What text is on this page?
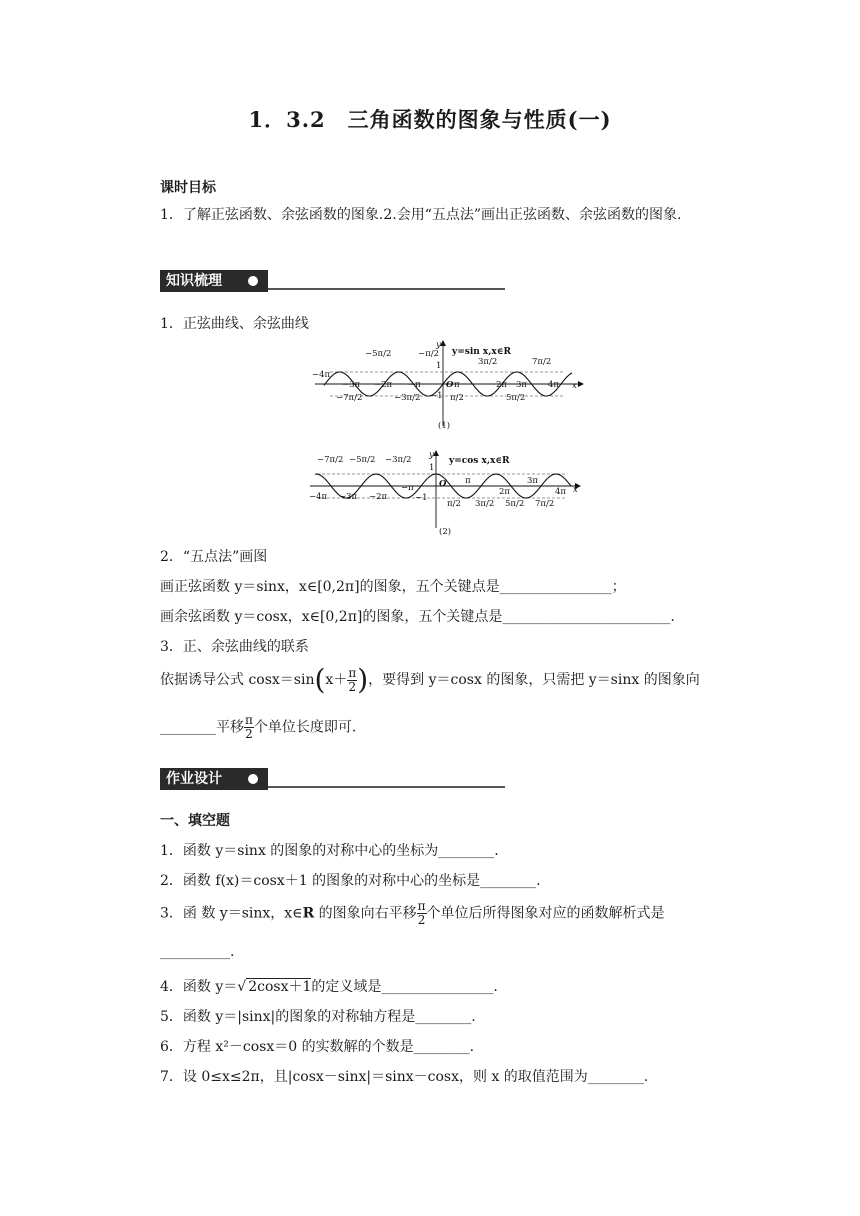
1．3.2　三角函数的图象与性质(一)
课时目标
1．了解正弦函数、余弦函数的图象.2.会用“五点法”画出正弦函数、余弦函数的图象.
知识梳理
1．正弦曲线、余弦曲线
y=sin x,x∈R
−5π/2	−π/2
1	3π/2	7π/2
−4π
−3π −2π −π	O π	2π 3π 4π x
y
−1
−7π/2	−3π/2	π/2	5π/2
(1)
y=cos x,x∈R
−7π/2 −5π/2 −3π/2
1
π	3π
−4π −3π −2π
−π	O
2π	4π x
y
−1
π/2 3π/2 5π/2 7π/2
(2)
2．“五点法”画图
画正弦函数 y＝sinx，x∈[0,2π]的图象，五个关键点是________________；
画余弦函数 y＝cosx，x∈[0,2π]的图象，五个关键点是________________________.
3．正、余弦曲线的联系
依据诱导公式 $\cos x=\sin(x+ \frac{\pi}{2}$ )，要得到 y＝cosx 的图象，只需把 y＝sinx 的图象向
________平移 $\frac{\pi}{2}$ 个单位长度即可.
作业设计
一、填空题
1．函数 y＝sinx 的图象的对称中心的坐标为________.
2．函数 f(x)＝cosx＋1 的图象的对称中心的坐标是________.
3．函 数 y＝sinx，x∈R 的图象向右平移 $\frac{\pi}{2}$ 个单位后所得图象对应的函数解析式是
__________.
4．函数 y＝√ 2cosx＋1的定义域是________________.
5．函数 y＝|sinx|的图象的对称轴方程是________.
6．方程 x²－cosx＝0 的实数解的个数是________.
7．设 0≤x≤2π，且|cosx－sinx|＝sinx－cosx，则 x 的取值范围为________.
